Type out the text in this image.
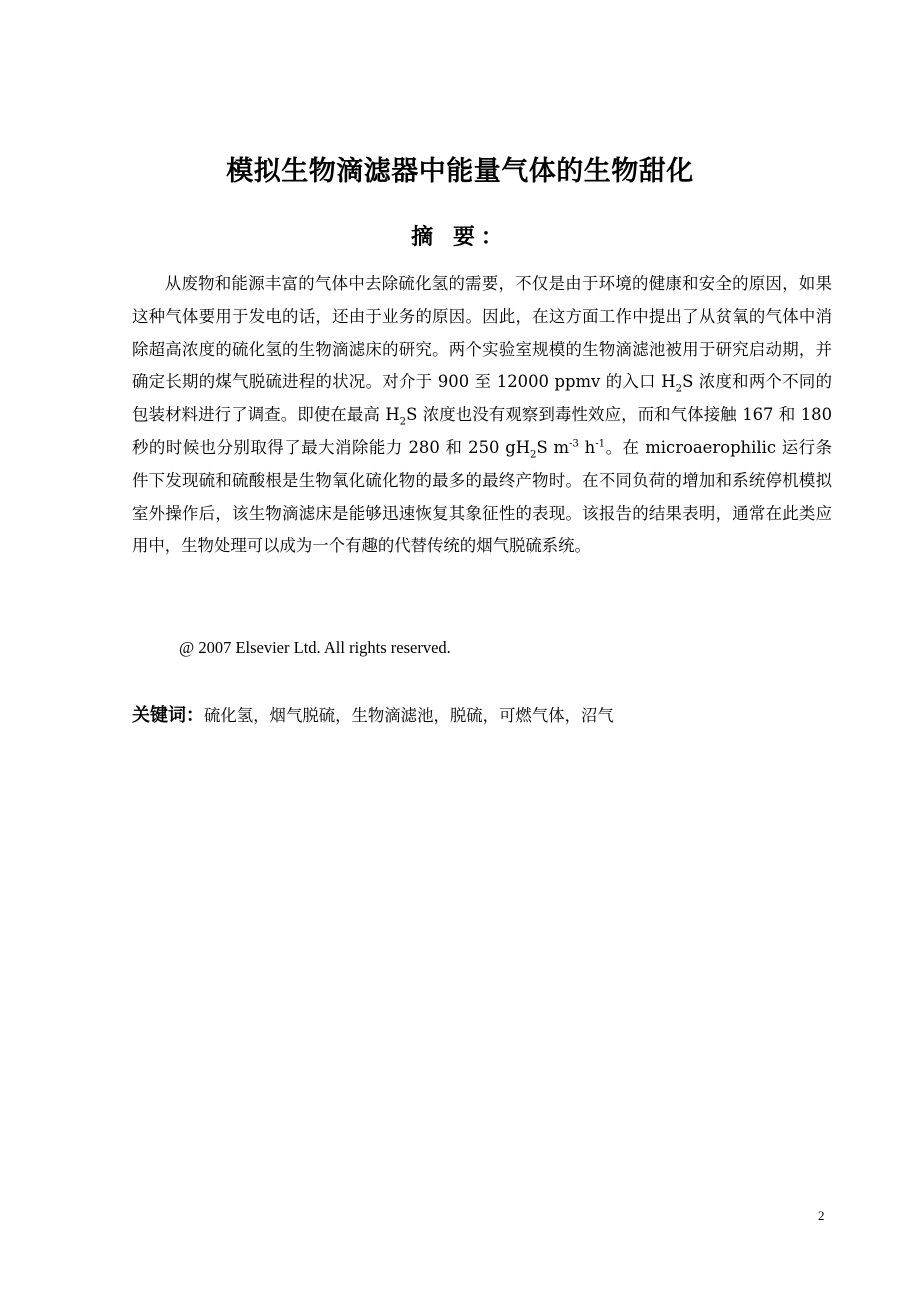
模拟生物滴滤器中能量气体的生物甜化
摘 要：

从废物和能源丰富的气体中去除硫化氢的需要，不仅是由于环境的健康和安全的原因，如果这种气体要用于发电的话，还由于业务的原因。因此，在这方面工作中提出了从贫氧的气体中消除超高浓度的硫化氢的生物滴滤床的研究。两个实验室规模的生物滴滤池被用于研究启动期，并确定长期的煤气脱硫进程的状况。对介于 900 至 12000 ppmv 的入口 $H_2S$ 浓度和两个不同的包装材料进行了调查。即使在最高 $H_2S$ 浓度也没有观察到毒性效应，而和气体接触 167 和 180 秒的时候也分别取得了最大消除能力 280 和 250 $gH_2S$ $m^{-3}$ $h^{-1}$。在 microaerophilic 运行条件下发现硫和硫酸根是生物氧化硫化物的最多的最终产物时。在不同负荷的增加和系统停机模拟室外操作后，该生物滴滤床是能够迅速恢复其象征性的表现。该报告的结果表明，通常在此类应用中，生物处理可以成为一个有趣的代替传统的烟气脱硫系统。

@ 2007 Elsevier Ltd. All rights reserved.
关键词：硫化氢，烟气脱硫，生物滴滤池，脱硫，可燃气体，沼气
2
